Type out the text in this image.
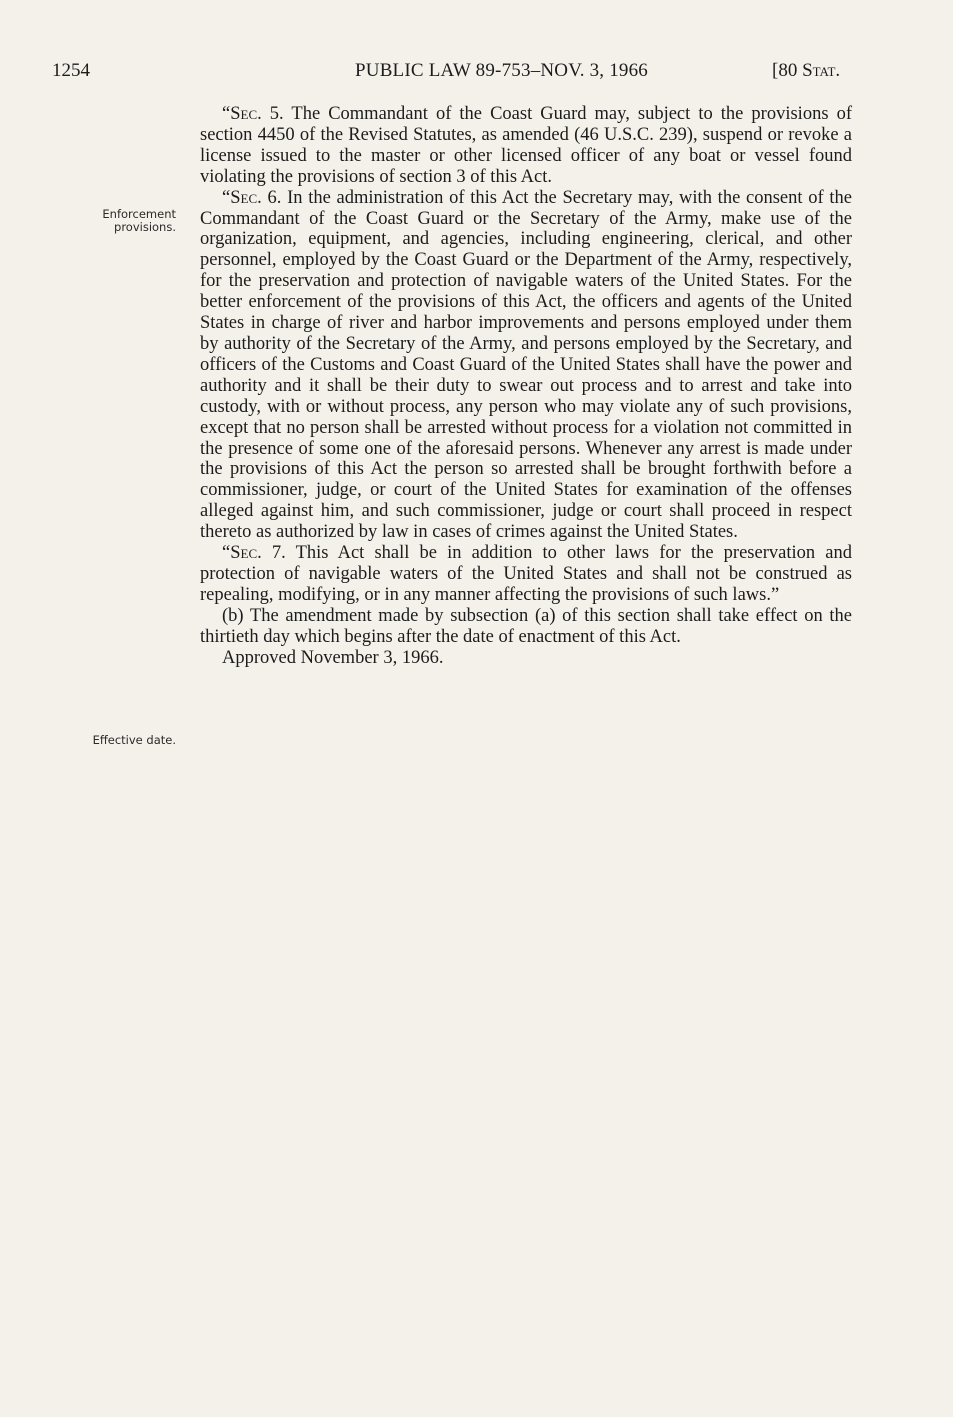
1254	PUBLIC LAW 89-753–NOV. 3, 1966	[80 Stat.
Enforcement provisions.
Effective date.

“Sec. 5. The Commandant of the Coast Guard may, subject to the provisions of section 4450 of the Revised Statutes, as amended (46 U.S.C. 239), suspend or revoke a license issued to the master or other licensed officer of any boat or vessel found violating the provisions of section 3 of this Act.

“Sec. 6. In the administration of this Act the Secretary may, with the consent of the Commandant of the Coast Guard or the Secretary of the Army, make use of the organization, equipment, and agencies, including engineering, clerical, and other personnel, employed by the Coast Guard or the Department of the Army, respectively, for the preservation and protection of navigable waters of the United States. For the better enforcement of the provisions of this Act, the officers and agents of the United States in charge of river and harbor improvements and persons employed under them by authority of the Secretary of the Army, and persons employed by the Secretary, and officers of the Customs and Coast Guard of the United States shall have the power and authority and it shall be their duty to swear out process and to arrest and take into custody, with or without process, any person who may violate any of such provisions, except that no person shall be arrested without process for a violation not committed in the presence of some one of the aforesaid persons. Whenever any arrest is made under the provisions of this Act the person so arrested shall be brought forthwith before a commissioner, judge, or court of the United States for examination of the offenses alleged against him, and such commissioner, judge or court shall proceed in respect thereto as authorized by law in cases of crimes against the United States.

“Sec. 7. This Act shall be in addition to other laws for the preservation and protection of navigable waters of the United States and shall not be construed as repealing, modifying, or in any manner affecting the provisions of such laws.”

(b) The amendment made by subsection (a) of this section shall take effect on the thirtieth day which begins after the date of enactment of this Act.

Approved November 3, 1966.
